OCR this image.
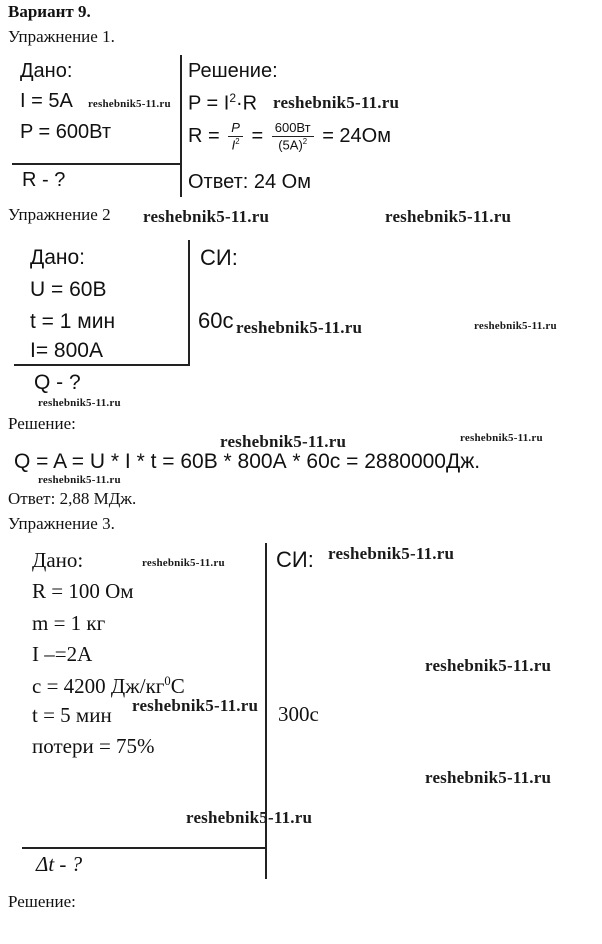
Вариант 9.
Упражнение 1.
Дано:
I = 5A
P = 600Вт
R - ?
Решение:
$P = I^2\cdot R$
$R = \frac{P}{I^2} = \frac{600Вт}{(5A)^2} = 24Ом$
Ответ: 24 Ом
Упражнение 2
Дано:
U = 60B
t = 1 мин
I= 800A
Q - ?
СИ:
60с
Решение:
Q = A = U * I * t = 60В * 800А * 60с = 2880000Дж.
Ответ: 2,88 МДж.
Упражнение 3.
Дано:
R = 100 Ом
m = 1 кг
I –=2A
c = 4200 $Дж/кг^0C$
t = 5 мин
потери = 75%
Δt - ?
СИ:
300с
Решение:
reshebnik5-11.ru	reshebnik5-11.ru
reshebnik5-11.ru	reshebnik5-11.ru
reshebnik5-11.ru	reshebnik5-11.ru
reshebnik5-11.ru
reshebnik5-11.ru	reshebnik5-11.ru
reshebnik5-11.ru
reshebnik5-11.ru	reshebnik5-11.ru
reshebnik5-11.ru
reshebnik5-11.ru
reshebnik5-11.ru
reshebnik5-11.ru
